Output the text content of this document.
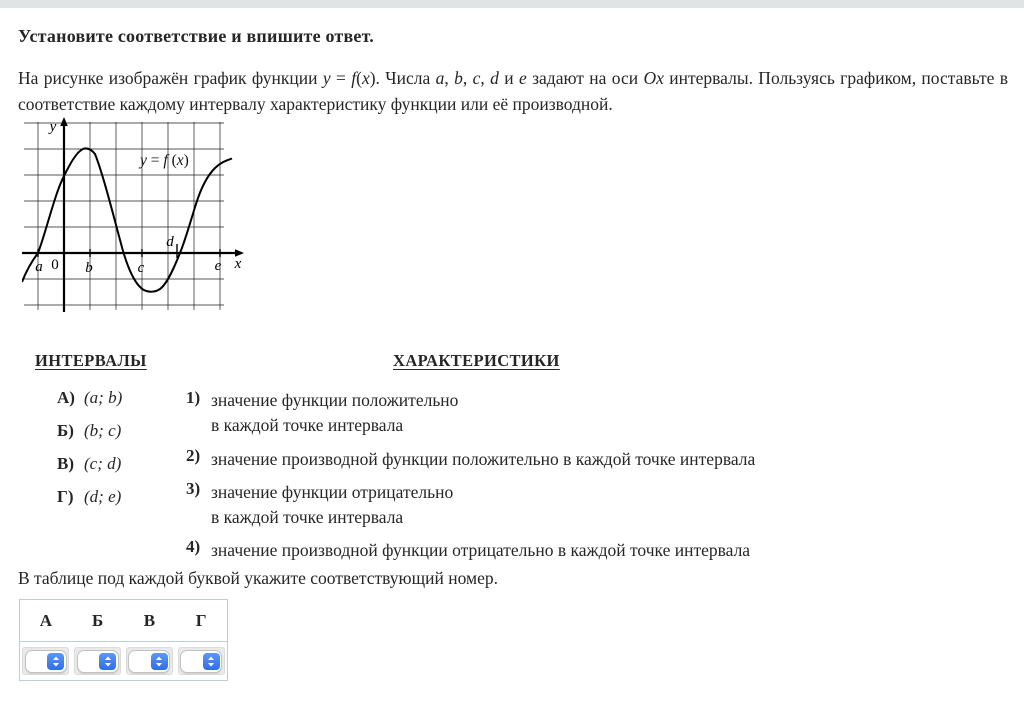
Установите соответствие и впишите ответ.
На рисунке изображён график функции y = f(x). Числа a, b, c, d и e задают на оси Ox интервалы. Пользуясь графиком, поставьте в соответствие каждому интервалу характеристику функции или её производной.
y
x
a 0 b	c
d
e
y = f (x)
ИНТЕРВАЛЫ	ХАРАКТЕРИСТИКИ
А) (a; b)
Б) (b; c)
В) (c; d)
Г) (d; e)
1) значение функции положительно
в каждой точке интервала
2) значение производной функции положительно в каждой точке интервала
3) значение функции отрицательно
в каждой точке интервала
4) значение производной функции отрицательно в каждой точке интервала
В таблице под каждой буквой укажите соответствующий номер.
А	Б	В	Г
